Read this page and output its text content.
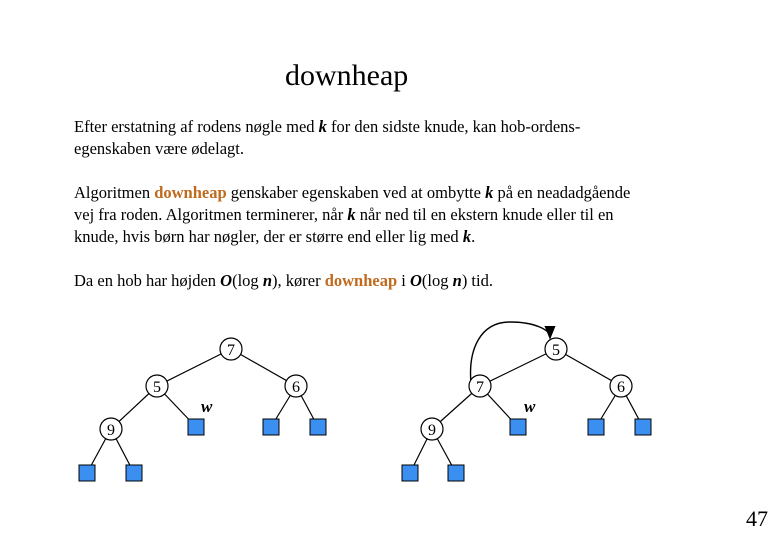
downheap

Efter erstatning af rodens nøgle med k for den sidste knude, kan hob-ordens-
egenskaben være ødelagt.

Algoritmen downheap genskaber egenskaben ved at ombytte k på en neadadgående
vej fra roden. Algoritmen terminerer, når k når ned til en ekstern knude eller til en
knude, hvis børn har nøgler, der er større end eller lig med k.

Da en hob har højden O(log n), kører downheap i O(log n) tid.

7
5	6
9
w
5
7	6
9
w
47
